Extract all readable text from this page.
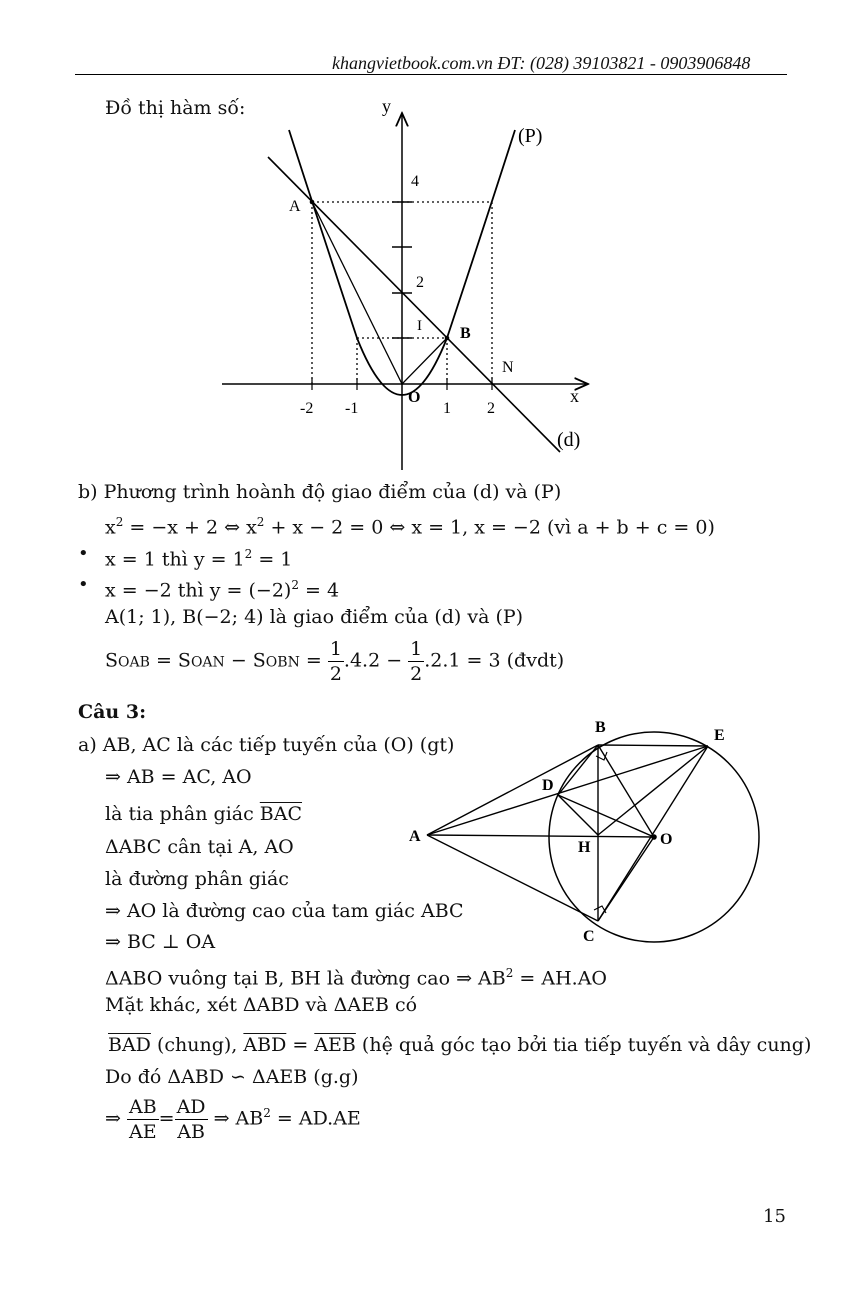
khangvietbook.com.vn ĐT: (028) 39103821 - 0903906848
Đồ thị hàm số:	y
x
(P)
(d)
A
B
N
O
I
4
2
-2 -1	1 2
b) Phương trình hoành độ giao điểm của (d) và (P)
$x^2 = -x + 2$ ⇔ $x^2 + x - 2 = 0$ ⇔ x = 1, x = −2 (vì a + b + c = 0)
• x = 1 thì $y = 1^2 = 1$
• x = −2 thì $y = (-2)^2 = 4$
A(1; 1), B(−2; 4) là giao điểm của (d) và (P)
SOAB = SOAN − SOBN = $\frac{1}{2} .4.2 - \frac{1}{2} .2.1 = 3$ (đvdt)
Câu 3:
a) AB, AC là các tiếp tuyến của (O) (gt)
⇒ AB = AC, AO
là tia phân giác $\overline{BAC}$
ΔABC cân tại A, AO
là đường phân giác
⇒ AO là đường cao của tam giác ABC
⇒ BC ⊥ OA
ΔABO vuông tại B, BH là đường cao ⇒ $AB^2 = AH.AO$
Mặt khác, xét ΔABD và ΔAEB có
$\overline{BAD}$ (chung), $\overline{ABD} = \overline{AEB}$ (hệ quả góc tạo bởi tia tiếp tuyến và dây cung)
Do đó ΔABD ∽ ΔAEB (g.g)
⇒ $\frac{AB}{AE} = \frac{AD}{AB}$ ⇒ $AB^2 = AD.AE$
A
B
C
D
E
H	O
15
